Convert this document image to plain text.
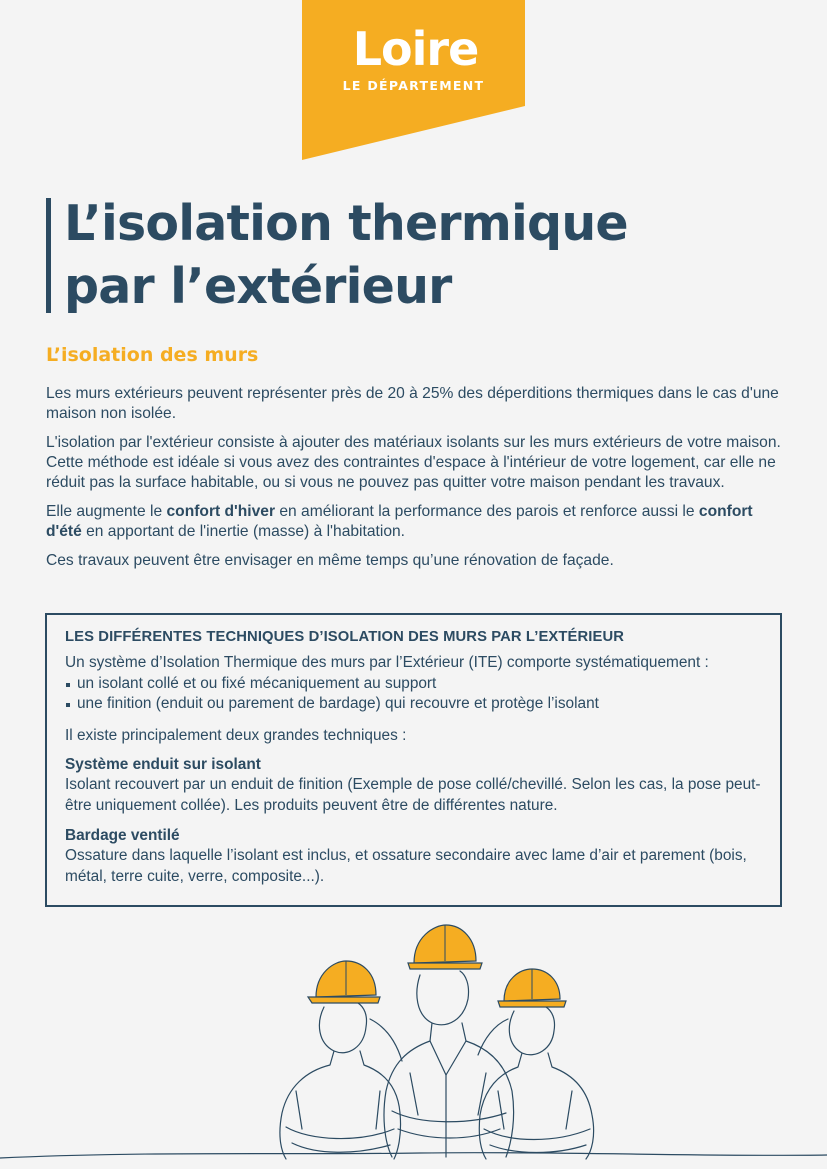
Loire
LE DÉPARTEMENT
L’isolation thermique
par l’extérieur
L’isolation des murs

Les murs extérieurs peuvent représenter près de 20 à 25% des déperditions thermiques dans le cas d'une maison non isolée.

L'isolation par l'extérieur consiste à ajouter des matériaux isolants sur les murs extérieurs de votre maison. Cette méthode est idéale si vous avez des contraintes d'espace à l'intérieur de votre logement, car elle ne réduit pas la surface habitable, ou si vous ne pouvez pas quitter votre maison pendant les travaux.

Elle augmente le confort d'hiver en améliorant la performance des parois et renforce aussi le confort d'été en apportant de l'inertie (masse) à l'habitation.

Ces travaux peuvent être envisager en même temps qu’une rénovation de façade.

LES DIFFÉRENTES TECHNIQUES D’ISOLATION DES MURS PAR L’EXTÉRIEUR

Un système d’Isolation Thermique des murs par l’Extérieur (ITE) comporte systématiquement :

un isolant collé et ou fixé mécaniquement au support
une finition (enduit ou parement de bardage) qui recouvre et protège l’isolant

Il existe principalement deux grandes techniques :

Système enduit sur isolant

Isolant recouvert par un enduit de finition (Exemple de pose collé/chevillé. Selon les cas, la pose peut-être uniquement collée). Les produits peuvent être de différentes nature.

Bardage ventilé

Ossature dans laquelle l’isolant est inclus, et ossature secondaire avec lame d’air et parement (bois, métal, terre cuite, verre, composite...).
